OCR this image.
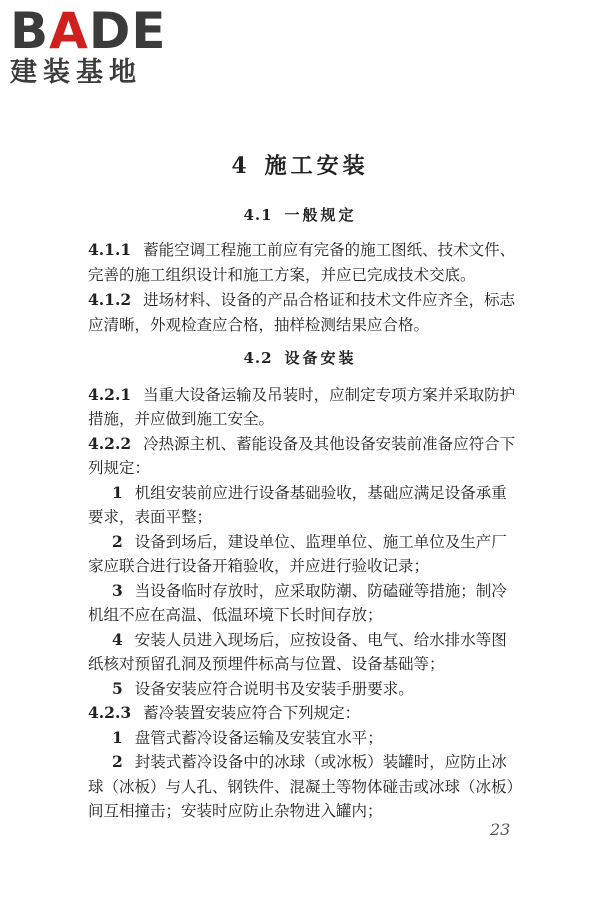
BADE
建装基地
4 施工安装
4.1 一般规定
4.1.1 蓄能空调工程施工前应有完备的施工图纸、技术文件、
完善的施工组织设计和施工方案，并应已完成技术交底。
4.1.2 进场材料、设备的产品合格证和技术文件应齐全，标志
应清晰，外观检查应合格，抽样检测结果应合格。
4.2 设备安装
4.2.1 当重大设备运输及吊装时，应制定专项方案并采取防护
措施，并应做到施工安全。
4.2.2 冷热源主机、蓄能设备及其他设备安装前准备应符合下
列规定：
1 机组安装前应进行设备基础验收，基础应满足设备承重
要求，表面平整；
2 设备到场后，建设单位、监理单位、施工单位及生产厂
家应联合进行设备开箱验收，并应进行验收记录；
3 当设备临时存放时，应采取防潮、防磕碰等措施；制冷
机组不应在高温、低温环境下长时间存放；
4 安装人员进入现场后，应按设备、电气、给水排水等图
纸核对预留孔洞及预埋件标高与位置、设备基础等；
5 设备安装应符合说明书及安装手册要求。
4.2.3 蓄冷装置安装应符合下列规定：
1 盘管式蓄冷设备运输及安装宜水平；
2 封装式蓄冷设备中的冰球（或冰板）装罐时，应防止冰
球（冰板）与人孔、钢铁件、混凝土等物体碰击或冰球（冰板）
间互相撞击；安装时应防止杂物进入罐内；
23
